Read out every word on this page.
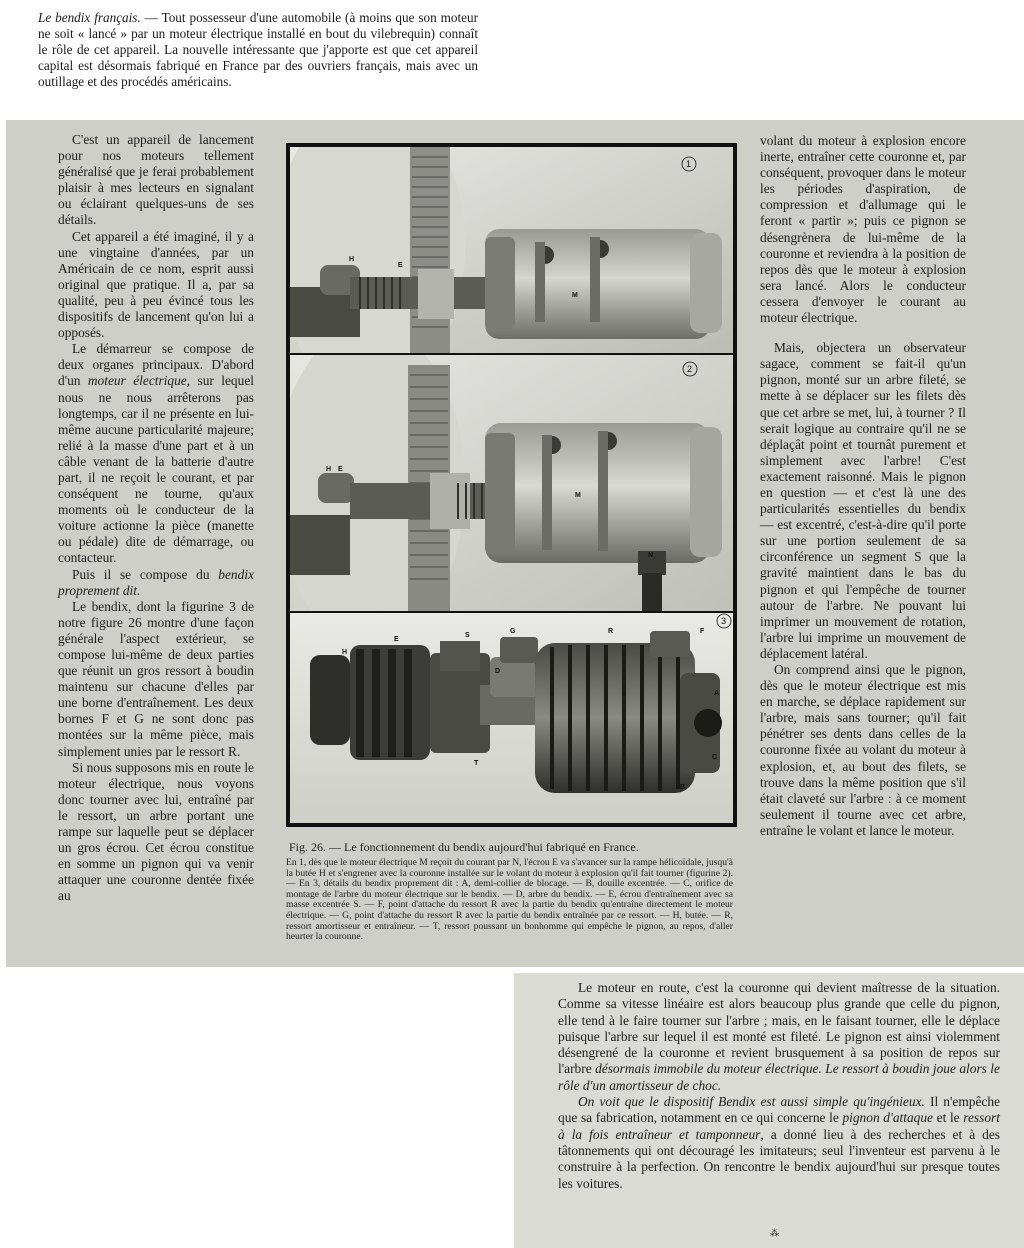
Le bendix français. — Tout possesseur d'une automobile (à moins que son moteur ne soit « lancé » par un moteur électrique installé en bout du vilebrequin) connaît le rôle de cet appareil. La nouvelle intéressante que j'apporte est que cet appareil capital est désormais fabriqué en France par des ouvriers français, mais avec un outillage et des procédés américains.

C'est un appareil de lancement pour nos moteurs tellement généralisé que je ferai probablement plaisir à mes lecteurs en signalant ou éclairant quelques-uns de ses détails.

Cet appareil a été imaginé, il y a une vingtaine d'années, par un Américain de ce nom, esprit aussi original que pratique. Il a, par sa qualité, peu à peu évincé tous les dispositifs de lancement qu'on lui a opposés.

Le démarreur se compose de deux organes principaux. D'abord d'un moteur électrique, sur lequel nous ne nous arrêterons pas longtemps, car il ne présente en lui-même aucune particularité majeure; relié à la masse d'une part et à un câble venant de la batterie d'autre part, il ne reçoit le courant, et par conséquent ne tourne, qu'aux moments où le conducteur de la voiture actionne la pièce (manette ou pédale) dite de démarrage, ou contacteur.

Puis il se compose du bendix proprement dit.

Le bendix, dont la figurine 3 de notre figure 26 montre d'une façon générale l'aspect extérieur, se compose lui-même de deux parties que réunit un gros ressort à boudin maintenu sur chacune d'elles par une borne d'entraînement. Les deux bornes F et G ne sont donc pas montées sur la même pièce, mais simplement unies par le ressort R.

Si nous supposons mis en route le moteur électrique, nous voyons donc tourner avec lui, entraîné par le ressort, un arbre portant une rampe sur laquelle peut se déplacer un gros écrou. Cet écrou constitue en somme un pignon qui va venir attaquer une couronne dentée fixée au

H
E
M
1
H E
M
N
2
H
E
S
G	R	F
D
T
A
C
B
3
Fig. 26. — Le fonctionnement du bendix aujourd'hui fabriqué en France.
En 1, dès que le moteur électrique M reçoit du courant par N, l'écrou E va s'avancer sur la rampe hélicoïdale, jusqu'à la butée H et s'engrener avec la couronne installée sur le volant du moteur à explosion qu'il fait tourner (figurine 2). — En 3, détails du bendix proprement dit : A, demi-collier de blocage. — B, douille excentrée. — C, orifice de montage de l'arbre du moteur électrique sur le bendix. — D, arbre du bendix. — E, écrou d'entraînement avec sa masse excentrée S. — F, point d'attache du ressort R avec la partie du bendix qu'entraîne directement le moteur électrique. — G, point d'attache du ressort R avec la partie du bendix entraînée par ce ressort. — H, butée. — R, ressort amortisseur et entraîneur. — T, ressort poussant un bonhomme qui empêche le pignon, au repos, d'aller heurter la couronne.

volant du moteur à explosion encore inerte, entraîner cette couronne et, par conséquent, provoquer dans le moteur les périodes d'aspiration, de compression et d'allumage qui le feront « partir »; puis ce pignon se désengrènera de lui-même de la couronne et reviendra à la position de repos dès que le moteur à explosion sera lancé. Alors le conducteur cessera d'envoyer le courant au moteur électrique.

Mais, objectera un observateur sagace, comment se fait-il qu'un pignon, monté sur un arbre fileté, se mette à se déplacer sur les filets dès que cet arbre se met, lui, à tourner ? Il serait logique au contraire qu'il ne se déplaçât point et tournât purement et simplement avec l'arbre! C'est exactement raisonné. Mais le pignon en question — et c'est là une des particularités essentielles du bendix — est excentré, c'est-à-dire qu'il porte sur une portion seulement de sa circonférence un segment S que la gravité maintient dans le bas du pignon et qui l'empêche de tourner autour de l'arbre. Ne pouvant lui imprimer un mouvement de rotation, l'arbre lui imprime un mouvement de déplacement latéral.

On comprend ainsi que le pignon, dès que le moteur électrique est mis en marche, se déplace rapidement sur l'arbre, mais sans tourner; qu'il fait pénétrer ses dents dans celles de la couronne fixée au volant du moteur à explosion, et, au bout des filets, se trouve dans la même position que s'il était claveté sur l'arbre : à ce moment seulement il tourne avec cet arbre, entraîne le volant et lance le moteur.

Le moteur en route, c'est la couronne qui devient maîtresse de la situation. Comme sa vitesse linéaire est alors beaucoup plus grande que celle du pignon, elle tend à le faire tourner sur l'arbre ; mais, en le faisant tourner, elle le déplace puisque l'arbre sur lequel il est monté est fileté. Le pignon est ainsi violemment désengrené de la couronne et revient brusquement à sa position de repos sur l'arbre désormais immobile du moteur électrique. Le ressort à boudin joue alors le rôle d'un amortisseur de choc.

On voit que le dispositif Bendix est aussi simple qu'ingénieux. Il n'empêche que sa fabrication, notamment en ce qui concerne le pignon d'attaque et le ressort à la fois entraîneur et tamponneur, a donné lieu à des recherches et à des tâtonnements qui ont découragé les imitateurs; seul l'inventeur est parvenu à le construire à la perfection. On rencontre le bendix aujourd'hui sur presque toutes les voitures.

⁂
